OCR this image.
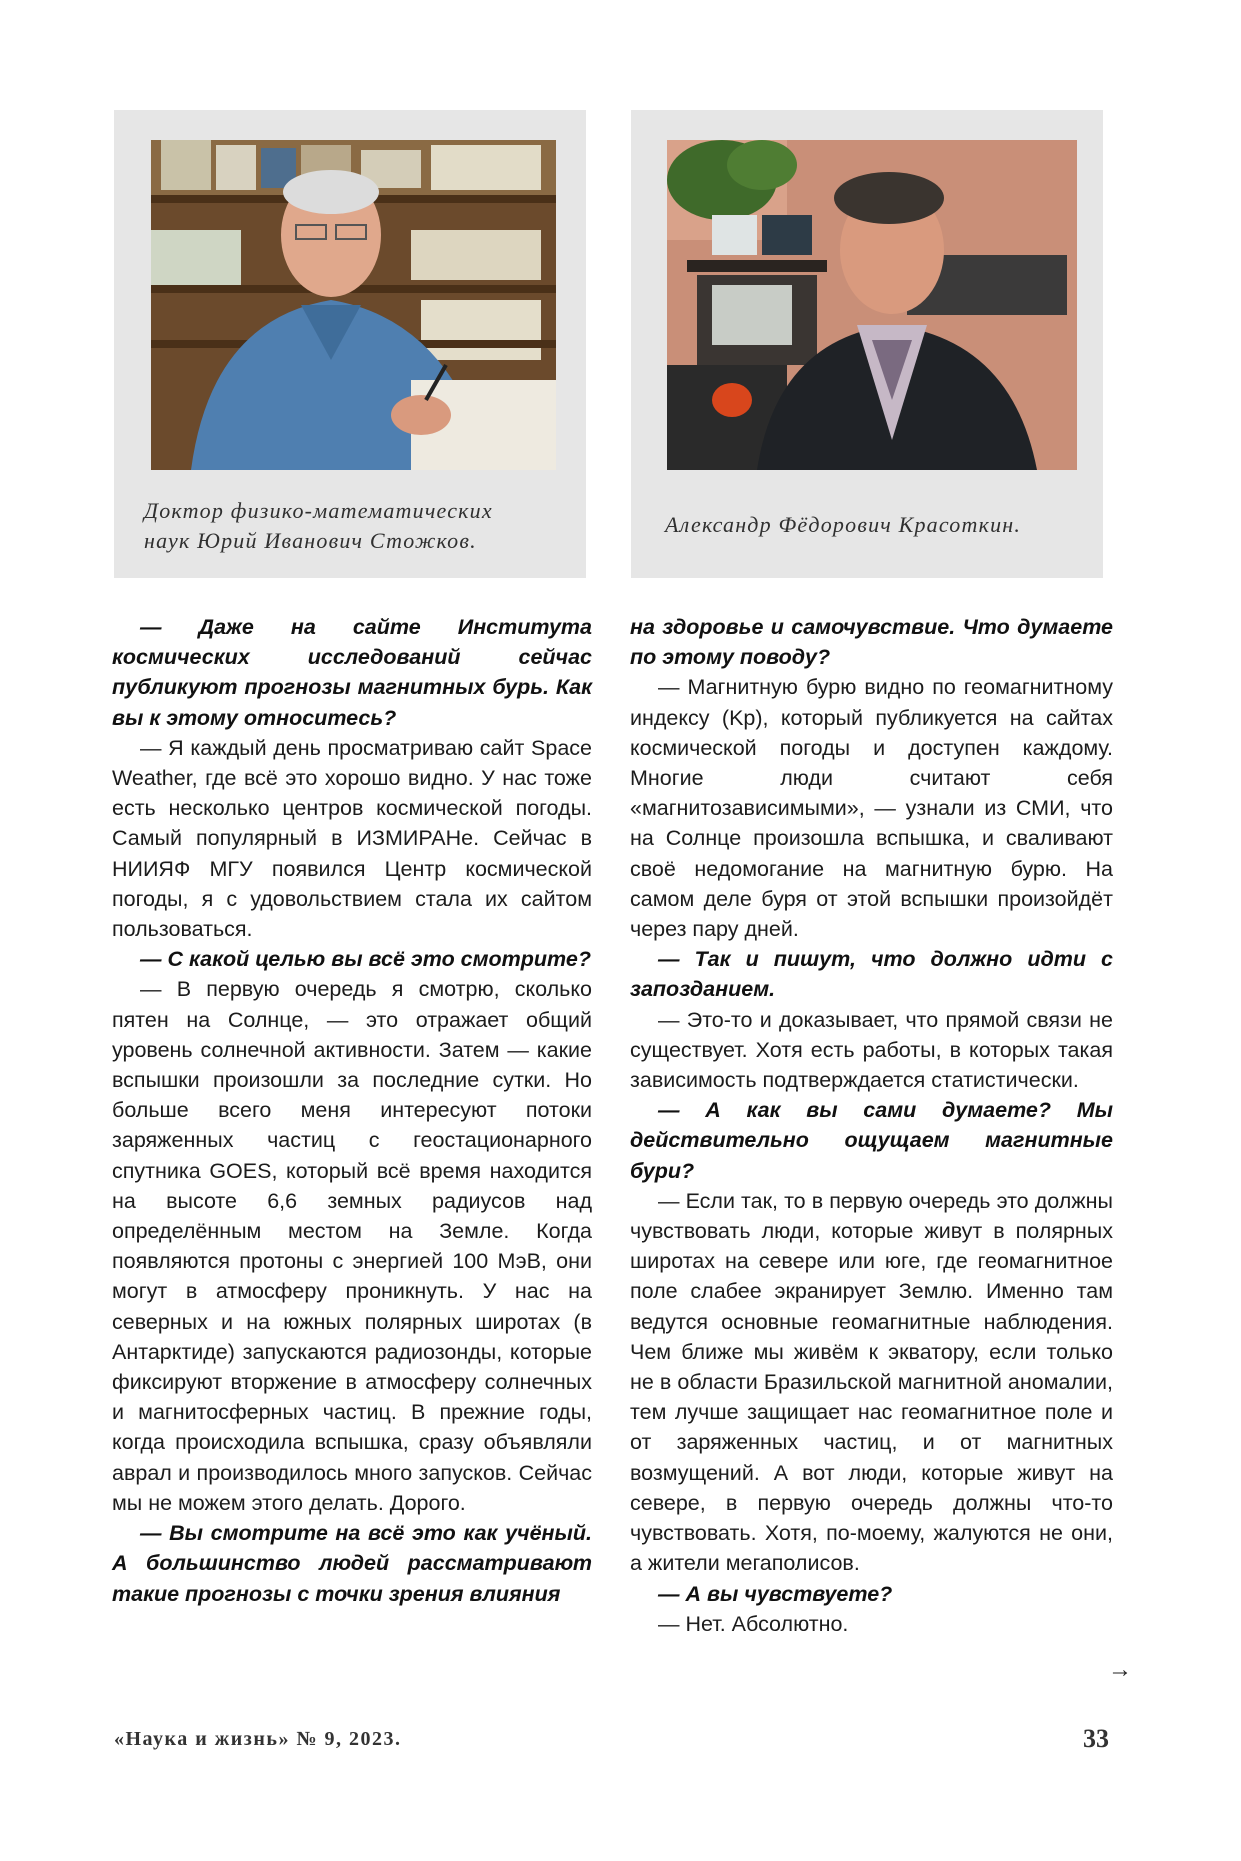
Доктор физико-математических
наук Юрий Иванович Стожков.
Александр Фёдорович Красоткин.

— Даже на сайте Института космических исследований сейчас публикуют прогнозы магнитных бурь. Как вы к этому относитесь?

— Я каждый день просматриваю сайт Space Weather, где всё это хорошо видно. У нас тоже есть несколько центров космической погоды. Самый популярный в ИЗМИРАНе. Сейчас в НИИЯФ МГУ появился Центр космической погоды, я с удовольствием стала их сайтом пользоваться.

— С какой целью вы всё это смотрите?

— В первую очередь я смотрю, сколько пятен на Солнце, — это отражает общий уровень солнечной активности. Затем — какие вспышки произошли за последние сутки. Но больше всего меня интересуют потоки заряженных частиц с геостационарного спутника GOES, который всё время находится на высоте 6,6 земных радиусов над определённым местом на Земле. Когда появляются протоны с энергией 100 МэВ, они могут в атмосферу проникнуть. У нас на северных и на южных полярных широтах (в Антарктиде) запускаются радиозонды, которые фиксируют вторжение в атмосферу солнечных и магнитосферных частиц. В прежние годы, когда происходила вспышка, сразу объявляли аврал и производилось много запусков. Сейчас мы не можем этого делать. Дорого.

— Вы смотрите на всё это как учёный. А большинство людей рассматривают такие прогнозы с точки зрения влияния

на здоровье и самочувствие. Что думаете по этому поводу?

— Магнитную бурю видно по геомагнитному индексу (Kp), который публикуется на сайтах космической погоды и доступен каждому. Многие люди считают себя «магнитозависимыми», — узнали из СМИ, что на Солнце произошла вспышка, и сваливают своё недомогание на магнитную бурю. На самом деле буря от этой вспышки произойдёт через пару дней.

— Так и пишут, что должно идти с запозданием.

— Это-то и доказывает, что прямой связи не существует. Хотя есть работы, в которых такая зависимость подтверждается статистически.

— А как вы сами думаете? Мы действительно ощущаем магнитные бури?

— Если так, то в первую очередь это должны чувствовать люди, которые живут в полярных широтах на севере или юге, где геомагнитное поле слабее экранирует Землю. Именно там ведутся основные геомагнитные наблюдения. Чем ближе мы живём к экватору, если только не в области Бразильской магнитной аномалии, тем лучше защищает нас геомагнитное поле и от заряженных частиц, и от магнитных возмущений. А вот люди, которые живут на севере, в первую очередь должны что-то чувствовать. Хотя, по-моему, жалуются не они, а жители мегаполисов.

— А вы чувствуете?

— Нет. Абсолютно.

→
«Наука и жизнь» № 9, 2023.	33
